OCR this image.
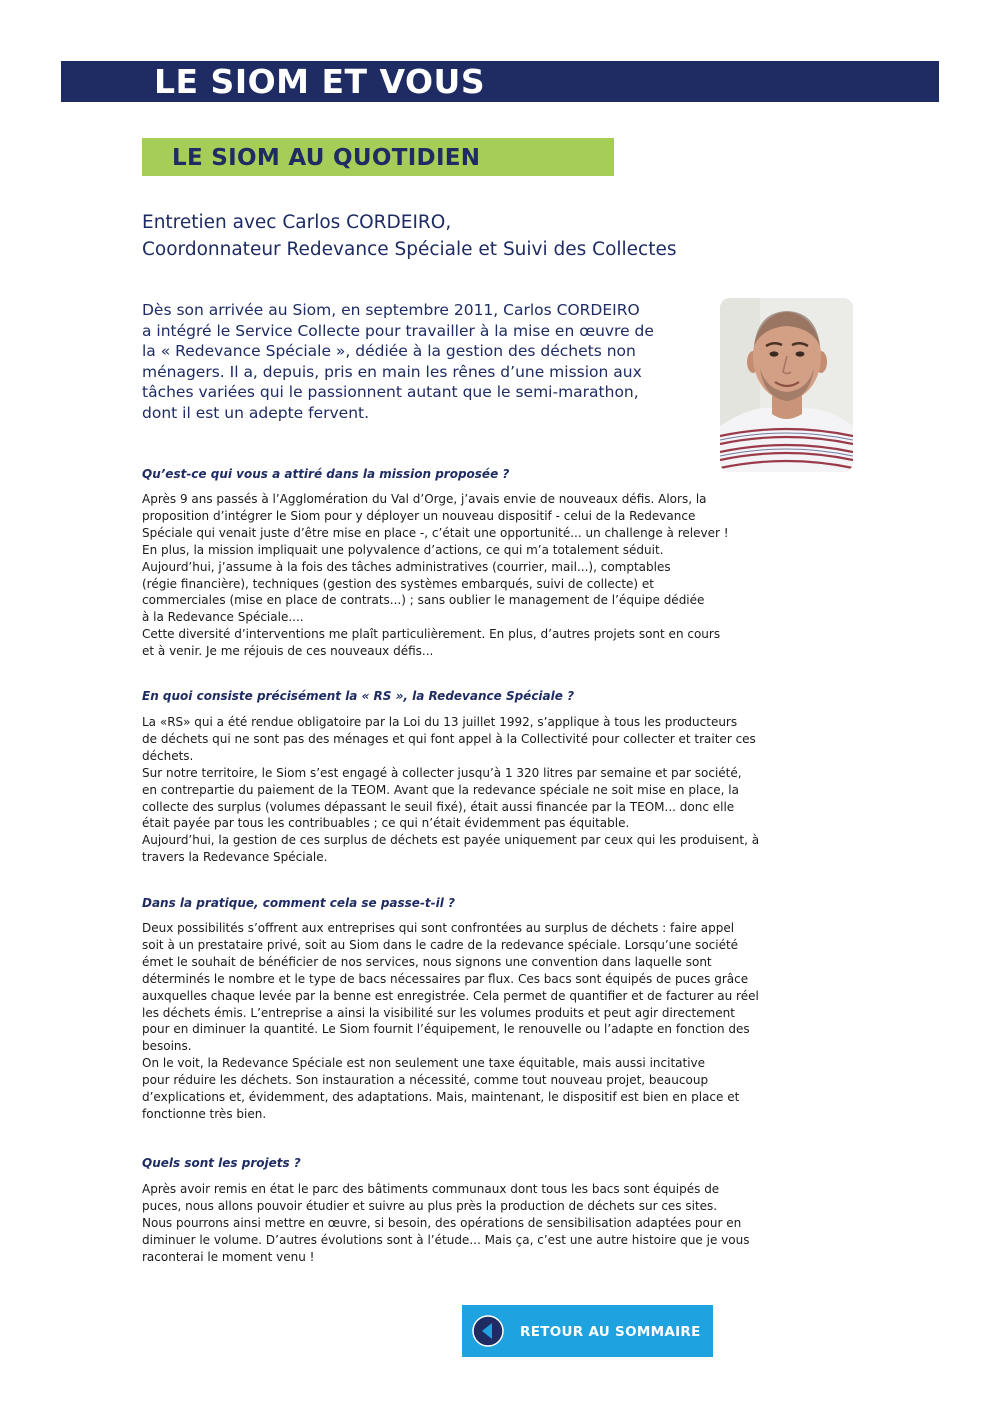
LE SIOM ET VOUS
LE SIOM AU QUOTIDIEN
Entretien avec Carlos CORDEIRO,
Coordonnateur Redevance Spéciale et Suivi des Collectes
Dès son arrivée au Siom, en septembre 2011, Carlos CORDEIRO
a intégré le Service Collecte pour travailler à la mise en œuvre de
la « Redevance Spéciale », dédiée à la gestion des déchets non
ménagers. Il a, depuis, pris en main les rênes d’une mission aux
tâches variées qui le passionnent autant que le semi-marathon,
dont il est un adepte fervent.
Qu’est-ce qui vous a attiré dans la mission proposée ?
Après 9 ans passés à l’Agglomération du Val d’Orge, j’avais envie de nouveaux défis. Alors, la
proposition d’intégrer le Siom pour y déployer un nouveau dispositif - celui de la Redevance
Spéciale qui venait juste d’être mise en place -, c’était une opportunité... un challenge à relever !
En plus, la mission impliquait une polyvalence d’actions, ce qui m’a totalement séduit.
Aujourd’hui, j’assume à la fois des tâches administratives (courrier, mail...), comptables
(régie financière), techniques (gestion des systèmes embarqués, suivi de collecte) et
commerciales (mise en place de contrats...) ; sans oublier le management de l’équipe dédiée
à la Redevance Spéciale....
Cette diversité d’interventions me plaît particulièrement. En plus, d’autres projets sont en cours
et à venir. Je me réjouis de ces nouveaux défis...
En quoi consiste précisément la « RS », la Redevance Spéciale ?
La «RS» qui a été rendue obligatoire par la Loi du 13 juillet 1992, s’applique à tous les producteurs
de déchets qui ne sont pas des ménages et qui font appel à la Collectivité pour collecter et traiter ces
déchets.
Sur notre territoire, le Siom s’est engagé à collecter jusqu’à 1 320 litres par semaine et par société,
en contrepartie du paiement de la TEOM. Avant que la redevance spéciale ne soit mise en place, la
collecte des surplus (volumes dépassant le seuil fixé), était aussi financée par la TEOM... donc elle
était payée par tous les contribuables ; ce qui n’était évidemment pas équitable.
Aujourd’hui, la gestion de ces surplus de déchets est payée uniquement par ceux qui les produisent, à
travers la Redevance Spéciale.
Dans la pratique, comment cela se passe-t-il ?
Deux possibilités s’offrent aux entreprises qui sont confrontées au surplus de déchets : faire appel
soit à un prestataire privé, soit au Siom dans le cadre de la redevance spéciale. Lorsqu’une société
émet le souhait de bénéficier de nos services, nous signons une convention dans laquelle sont
déterminés le nombre et le type de bacs nécessaires par flux. Ces bacs sont équipés de puces grâce
auxquelles chaque levée par la benne est enregistrée. Cela permet de quantifier et de facturer au réel
les déchets émis. L’entreprise a ainsi la visibilité sur les volumes produits et peut agir directement
pour en diminuer la quantité. Le Siom fournit l’équipement, le renouvelle ou l’adapte en fonction des
besoins.
On le voit, la Redevance Spéciale est non seulement une taxe équitable, mais aussi incitative
pour réduire les déchets. Son instauration a nécessité, comme tout nouveau projet, beaucoup
d’explications et, évidemment, des adaptations. Mais, maintenant, le dispositif est bien en place et
fonctionne très bien.
Quels sont les projets ?
Après avoir remis en état le parc des bâtiments communaux dont tous les bacs sont équipés de
puces, nous allons pouvoir étudier et suivre au plus près la production de déchets sur ces sites.
Nous pourrons ainsi mettre en œuvre, si besoin, des opérations de sensibilisation adaptées pour en
diminuer le volume. D’autres évolutions sont à l’étude... Mais ça, c’est une autre histoire que je vous
raconterai le moment venu !
RETOUR AU SOMMAIRE
